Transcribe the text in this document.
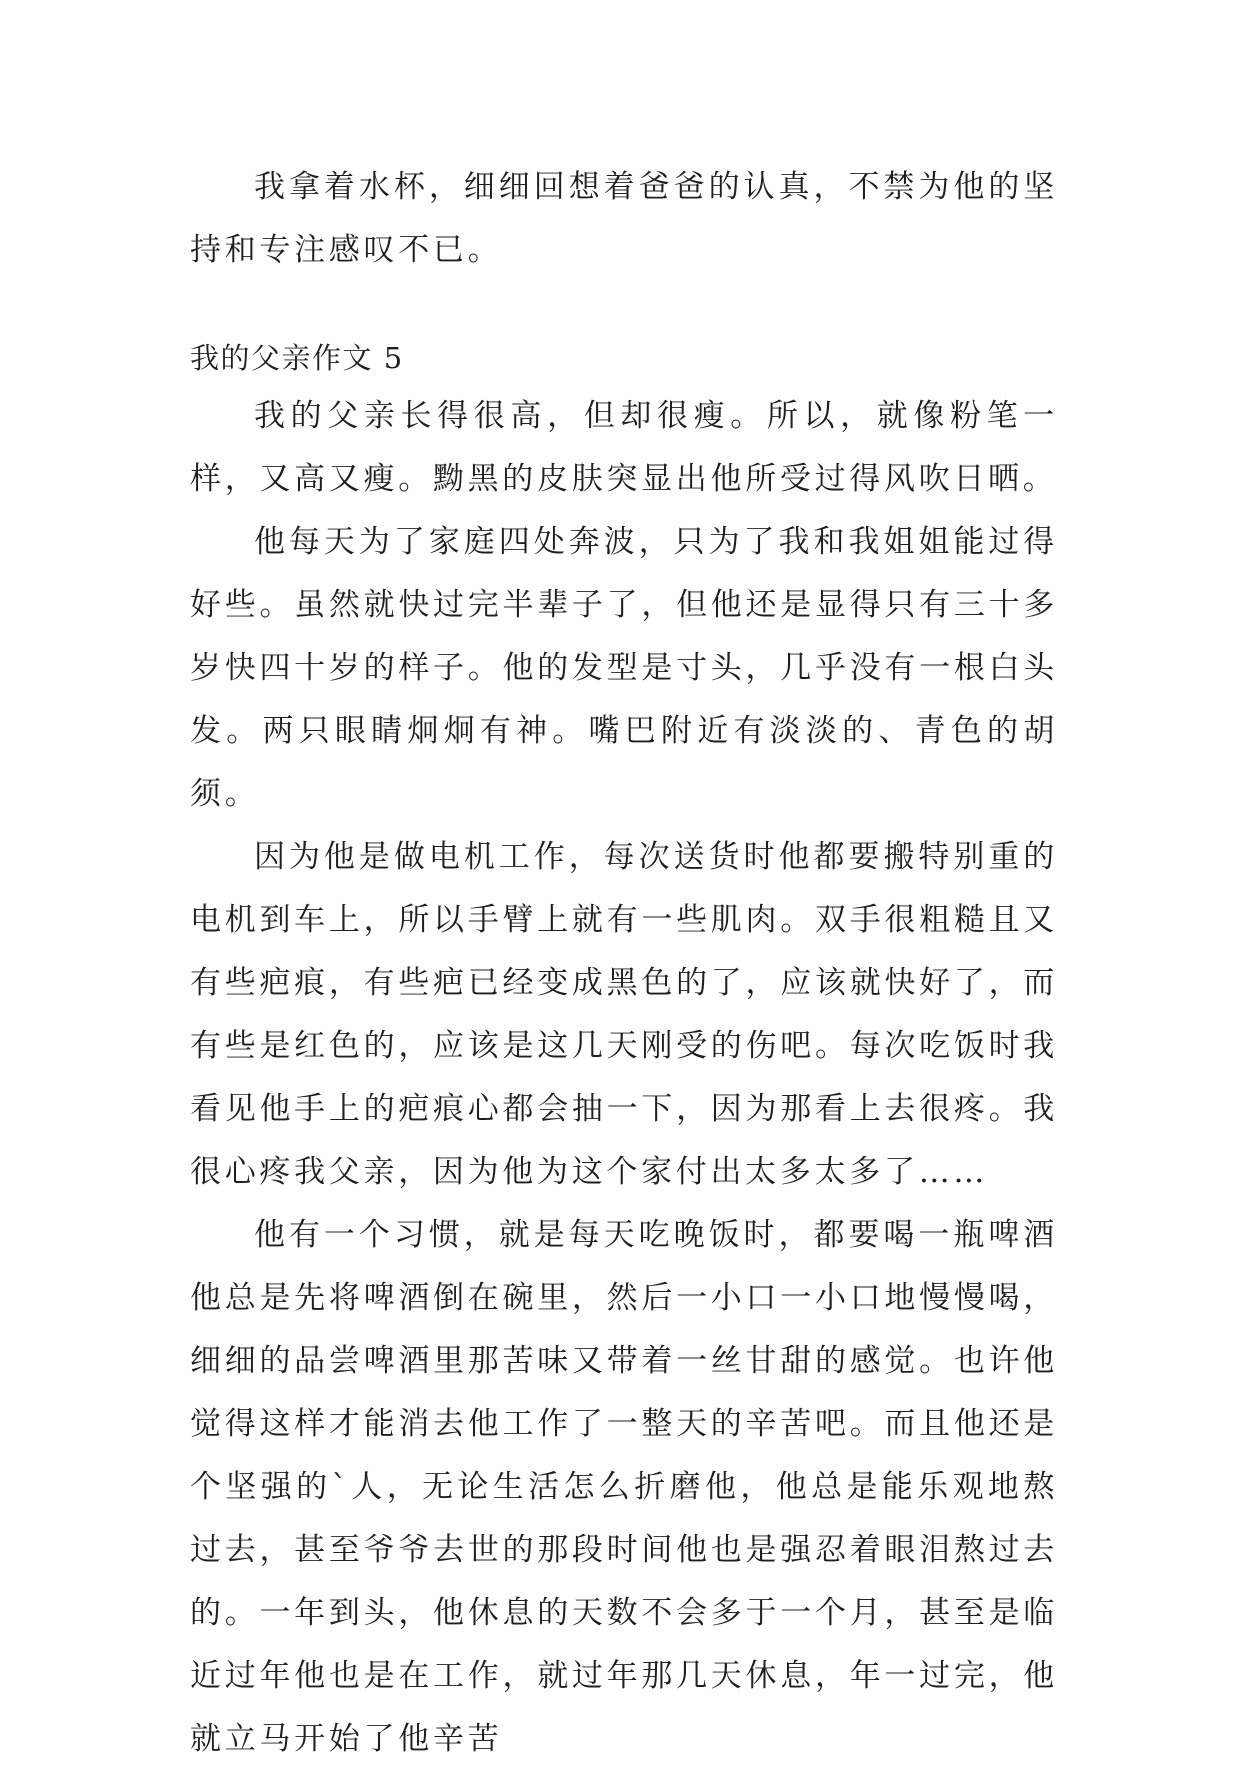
我拿着水杯，细细回想着爸爸的认真，不禁为他的坚持和专注感叹不已。

我的父亲作文 5

我的父亲长得很高，但却很瘦。所以，就像粉笔一样，又高又瘦。黝黑的皮肤突显出他所受过得风吹日晒。

他每天为了家庭四处奔波，只为了我和我姐姐能过得好些。虽然就快过完半辈子了，但他还是显得只有三十多岁快四十岁的样子。他的发型是寸头，几乎没有一根白头发。两只眼睛炯炯有神。嘴巴附近有淡淡的、青色的胡须。

因为他是做电机工作，每次送货时他都要搬特别重的电机到车上，所以手臂上就有一些肌肉。双手很粗糙且又有些疤痕，有些疤已经变成黑色的了，应该就快好了，而有些是红色的，应该是这几天刚受的伤吧。每次吃饭时我看见他手上的疤痕心都会抽一下，因为那看上去很疼。我很心疼我父亲，因为他为这个家付出太多太多了……

他有一个习惯，就是每天吃晚饭时，都要喝一瓶啤酒他总是先将啤酒倒在碗里，然后一小口一小口地慢慢喝，细细的品尝啤酒里那苦味又带着一丝甘甜的感觉。也许他觉得这样才能消去他工作了一整天的辛苦吧。而且他还是个坚强的`人，无论生活怎么折磨他，他总是能乐观地熬过去，甚至爷爷去世的那段时间他也是强忍着眼泪熬过去的。一年到头，他休息的天数不会多于一个月，甚至是临近过年他也是在工作，就过年那几天休息，年一过完，他就立马开始了他辛苦
